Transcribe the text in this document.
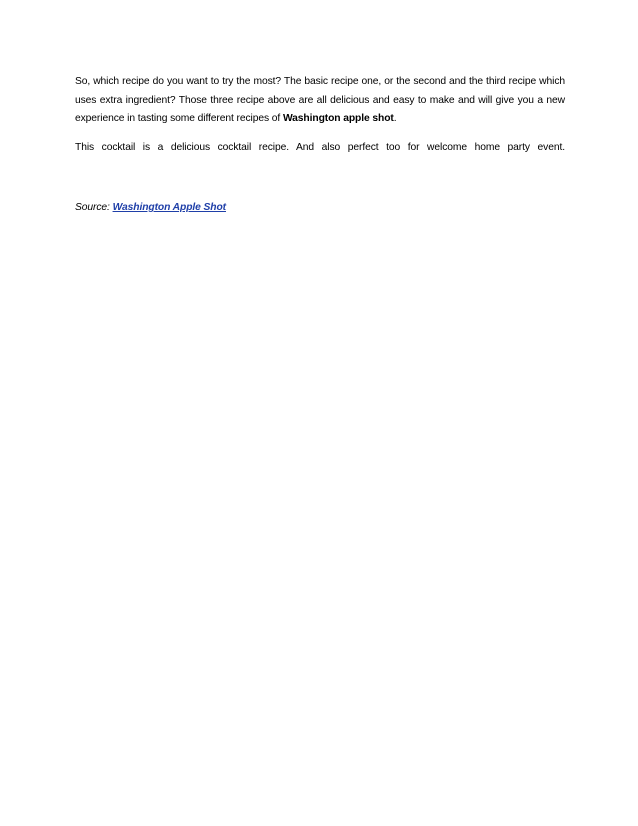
So, which recipe do you want to try the most? The basic recipe one, or the second and the third recipe which uses extra ingredient? Those three recipe above are all delicious and easy to make and will give you a new experience in tasting some different recipes of Washington apple shot.

This cocktail is a delicious cocktail recipe. And also perfect too for welcome home party event.

Source: Washington Apple Shot
